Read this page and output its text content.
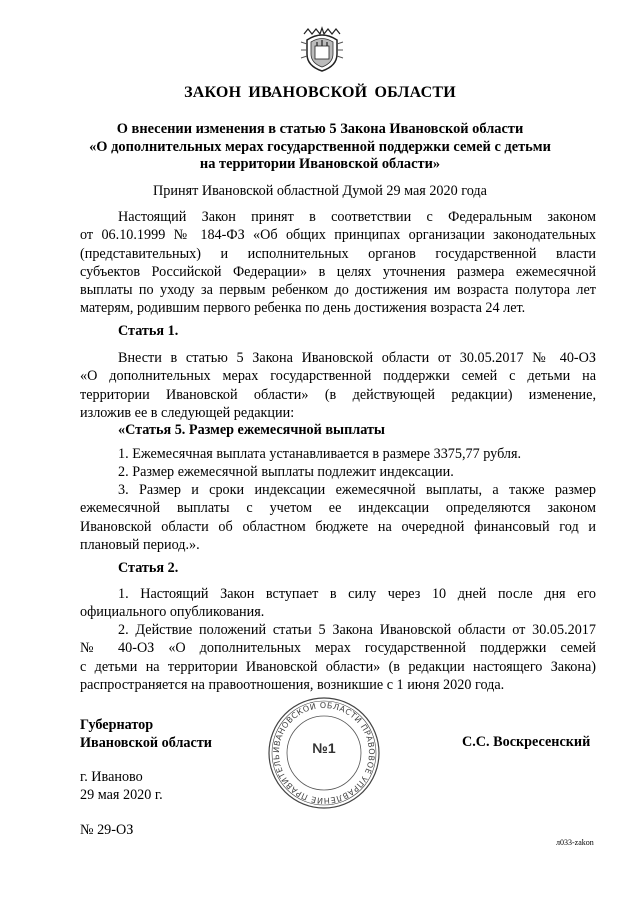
ЗАКОН ИВАНОВСКОЙ ОБЛАСТИ
О внесении изменения в статью 5 Закона Ивановской области
«О дополнительных мерах государственной поддержки семей с детьми
на территории Ивановской области»
Принят Ивановской областной Думой 29 мая 2020 года
Настоящий Закон принят в соответствии с Федеральным законом
от 06.10.1999 № 184-ФЗ «Об общих принципах организации законодательных
(представительных) и исполнительных органов государственной власти
субъектов Российской Федерации» в целях уточнения размера ежемесячной
выплаты по уходу за первым ребенком до достижения им возраста полутора лет
матерям, родившим первого ребенка по день достижения возраста 24 лет.
Статья 1.
Внести в статью 5 Закона Ивановской области от 30.05.2017 № 40-ОЗ
«О дополнительных мерах государственной поддержки семей с детьми на
территории Ивановской области» (в действующей редакции) изменение,
изложив ее в следующей редакции:
«Статья 5. Размер ежемесячной выплаты
1. Ежемесячная выплата устанавливается в размере 3375,77 рубля.
2. Размер ежемесячной выплаты подлежит индексации.
3. Размер и сроки индексации ежемесячной выплаты, а также размер
ежемесячной выплаты с учетом ее индексации определяются законом
Ивановской области об областном бюджете на очередной финансовый год и
плановый период.».
Статья 2.
1. Настоящий Закон вступает в силу через 10 дней после дня его
официального опубликования.
2. Действие положений статьи 5 Закона Ивановской области от 30.05.2017
№ 40-ОЗ «О дополнительных мерах государственной поддержки семей
с детьми на территории Ивановской области» (в редакции настоящего Закона)
распространяется на правоотношения, возникшие с 1 июня 2020 года.
Губернатор
Ивановской области	ИВАНОВСКОЙ ОБЛАСТИ ПРАВОВОЕ УПРАВЛЕНИЕ ПРАВИТЕЛЬ
№1	С.С. Воскресенский
г. Иваново
29 мая 2020 г.
№ 29-ОЗ
л033-zakon
